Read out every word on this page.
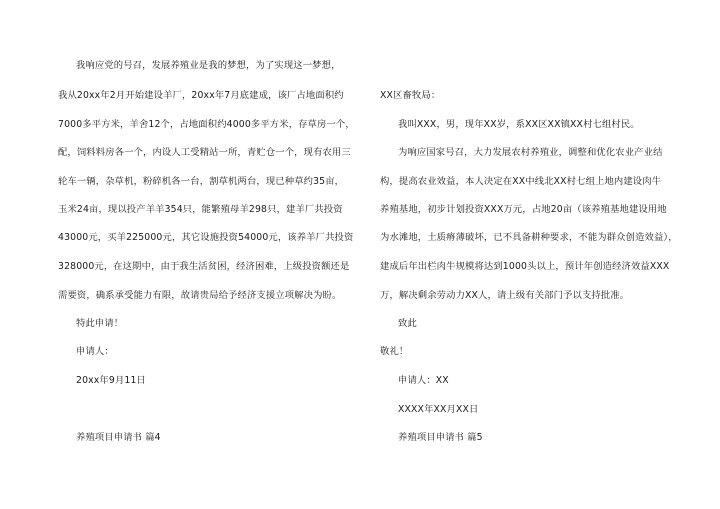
我响应党的号召，发展养殖业是我的梦想，为了实现这一梦想，
我从20xx年2月开始建设羊厂，20xx年7月底建成，该厂占地面积约
7000多平方米，羊舍12个，占地面积约4000多平方米，存草房一个，
配，饲料料房各一个，内设人工受精站一所，青贮仓一个，现有农用三
轮车一辆，杂草机，粉碎机各一台，割草机两台，现已种草约35亩，
玉米24亩，现以投产羊羊354只，能繁殖母羊298只，建羊厂共投资
43000元，买羊225000元，其它设施投资54000元，该养羊厂共投资
328000元，在这期中，由于我生活贫困，经济困难，上级投资额还是
需要资，确系承受能力有限，故请贵局给予经济支援立项解决为盼。
特此申请！
申请人：
20xx年9月11日
养殖项目申请书 篇4
XX区畜牧局：
我叫XXX，男，现年XX岁，系XX区XX镇XX村七组村民。
为响应国家号召，大力发展农村养殖业，调整和优化农业产业结
构，提高农业效益，本人决定在XX中线北XX村七组上地内建设肉牛
养殖基地，初步计划投资XXX万元，占地20亩（该养殖基地建设用地
为水滩地，土质瘠薄破坏，已不具备耕种要求，不能为群众创造效益），
建成后年出栏肉牛规模将达到1000头以上，预计年创造经济效益XXX
万，解决剩余劳动力XX人，请上级有关部门予以支持批准。
致此
敬礼！
申请人：XX
XXXX年XX月XX日
养殖项目申请书 篇5
